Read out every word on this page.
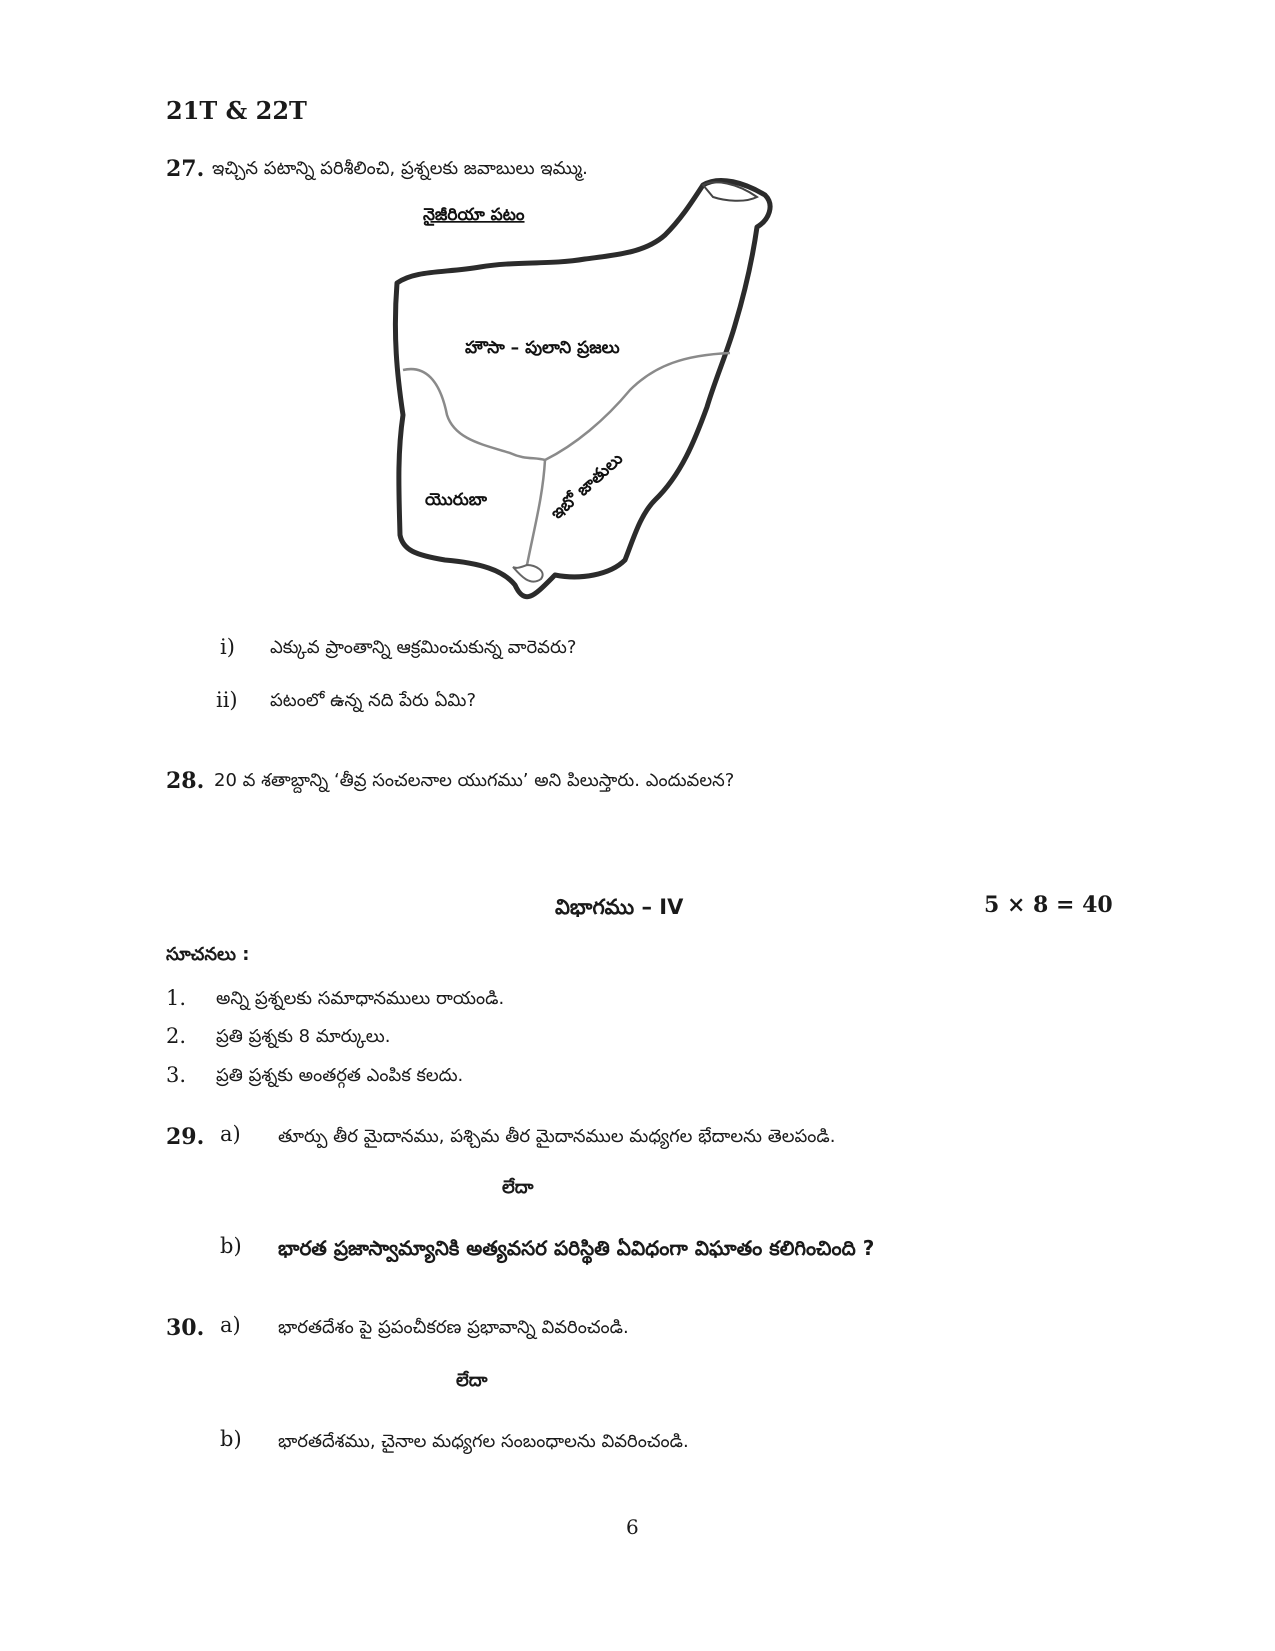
21T & 22T
27. ఇచ్చిన పటాన్ని పరిశీలించి, ప్రశ్నలకు జవాబులు ఇమ్ము.
నైజీరియా పటం
హౌసా – పులాని ప్రజలు
యొరుబా	ఇబో జాతులు
i) ఎక్కువ ప్రాంతాన్ని ఆక్రమించుకున్న వారెవరు?
ii) పటంలో ఉన్న నది పేరు ఏమి?
28. 20 వ శతాబ్దాన్ని ‘తీవ్ర సంచలనాల యుగము’ అని పిలుస్తారు. ఎందువలన?
విభాగము – IV	5 × 8 = 40
సూచనలు :
1. అన్ని ప్రశ్నలకు సమాధానములు రాయండి.
2. ప్రతి ప్రశ్నకు 8 మార్కులు.
3. ప్రతి ప్రశ్నకు అంతర్గత ఎంపిక కలదు.
29. a) తూర్పు తీర మైదానము, పశ్చిమ తీర మైదానముల మధ్యగల భేదాలను తెలపండి.
లేదా
b) భారత ప్రజాస్వామ్యానికి అత్యవసర పరిస్థితి ఏవిధంగా విఘాతం కలిగించింది ?
30. a) భారతదేశం పై ప్రపంచీకరణ ప్రభావాన్ని వివరించండి.
లేదా
b) భారతదేశము, చైనాల మధ్యగల సంబంధాలను వివరించండి.
6
